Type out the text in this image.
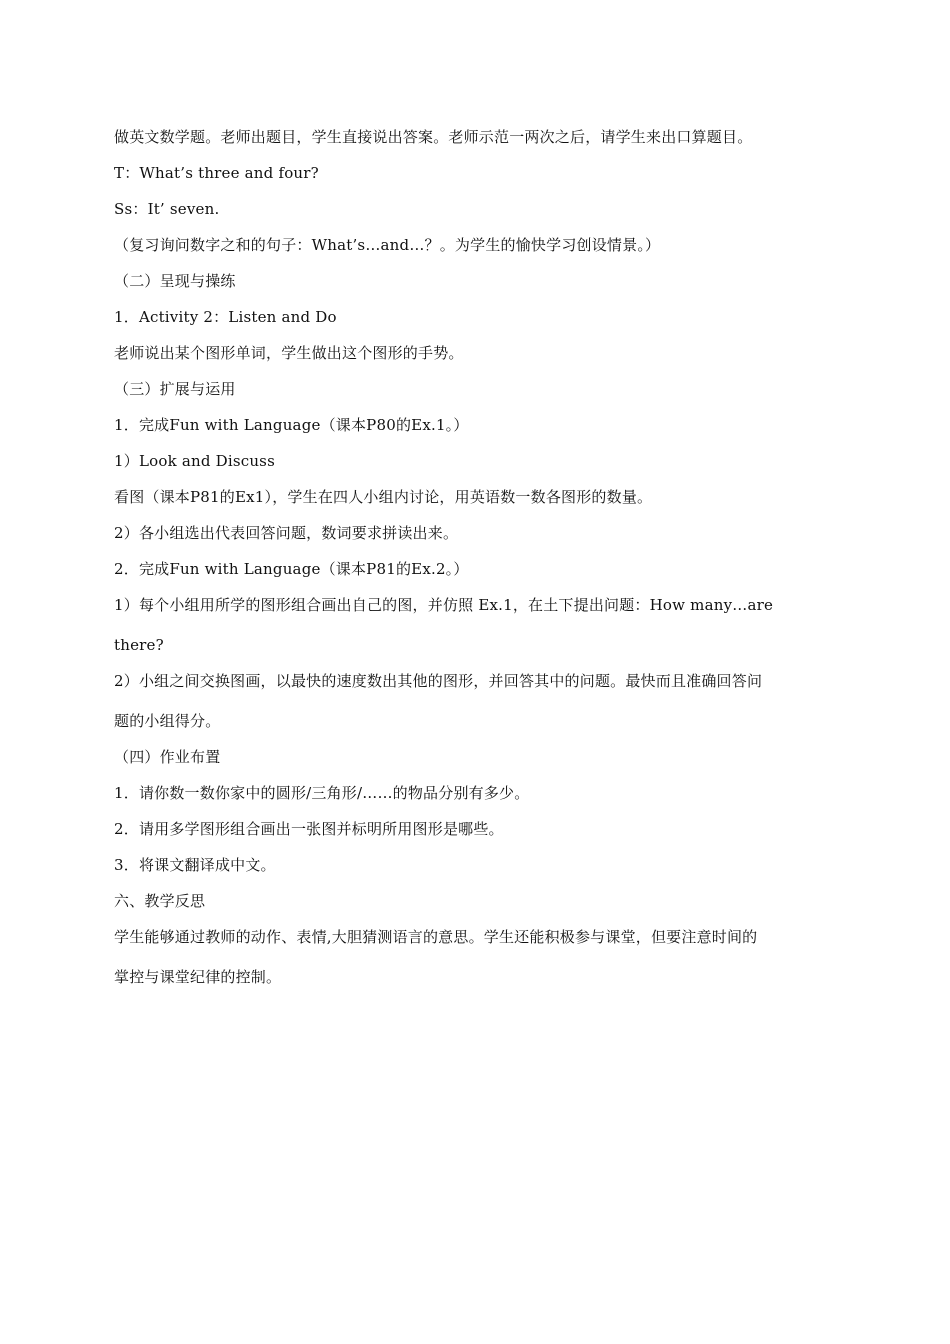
做英文数学题。老师出题目，学生直接说出答案。老师示范一两次之后，请学生来出口算题目。
T：What’s three and four?
Ss：It’ seven.
（复习询问数字之和的句子：What’s…and…？。为学生的愉快学习创设情景。）
（二）呈现与操练
1．Activity 2：Listen and Do
老师说出某个图形单词，学生做出这个图形的手势。
（三）扩展与运用
1．完成Fun with Language（课本P80的Ex.1。）
1）Look and Discuss
看图（课本P81的Ex1），学生在四人小组内讨论，用英语数一数各图形的数量。
2）各小组选出代表回答问题，数词要求拼读出来。
2．完成Fun with Language（课本P81的Ex.2。）
1）每个小组用所学的图形组合画出自己的图，并仿照 Ex.1，在土下提出问题：How many…are
there?
2）小组之间交换图画，以最快的速度数出其他的图形，并回答其中的问题。最快而且准确回答问
题的小组得分。
（四）作业布置
1．请你数一数你家中的圆形/三角形/……的物品分别有多少。
2．请用多学图形组合画出一张图并标明所用图形是哪些。
3．将课文翻译成中文。
六、教学反思
学生能够通过教师的动作、表情,大胆猜测语言的意思。学生还能积极参与课堂，但要注意时间的
掌控与课堂纪律的控制。
